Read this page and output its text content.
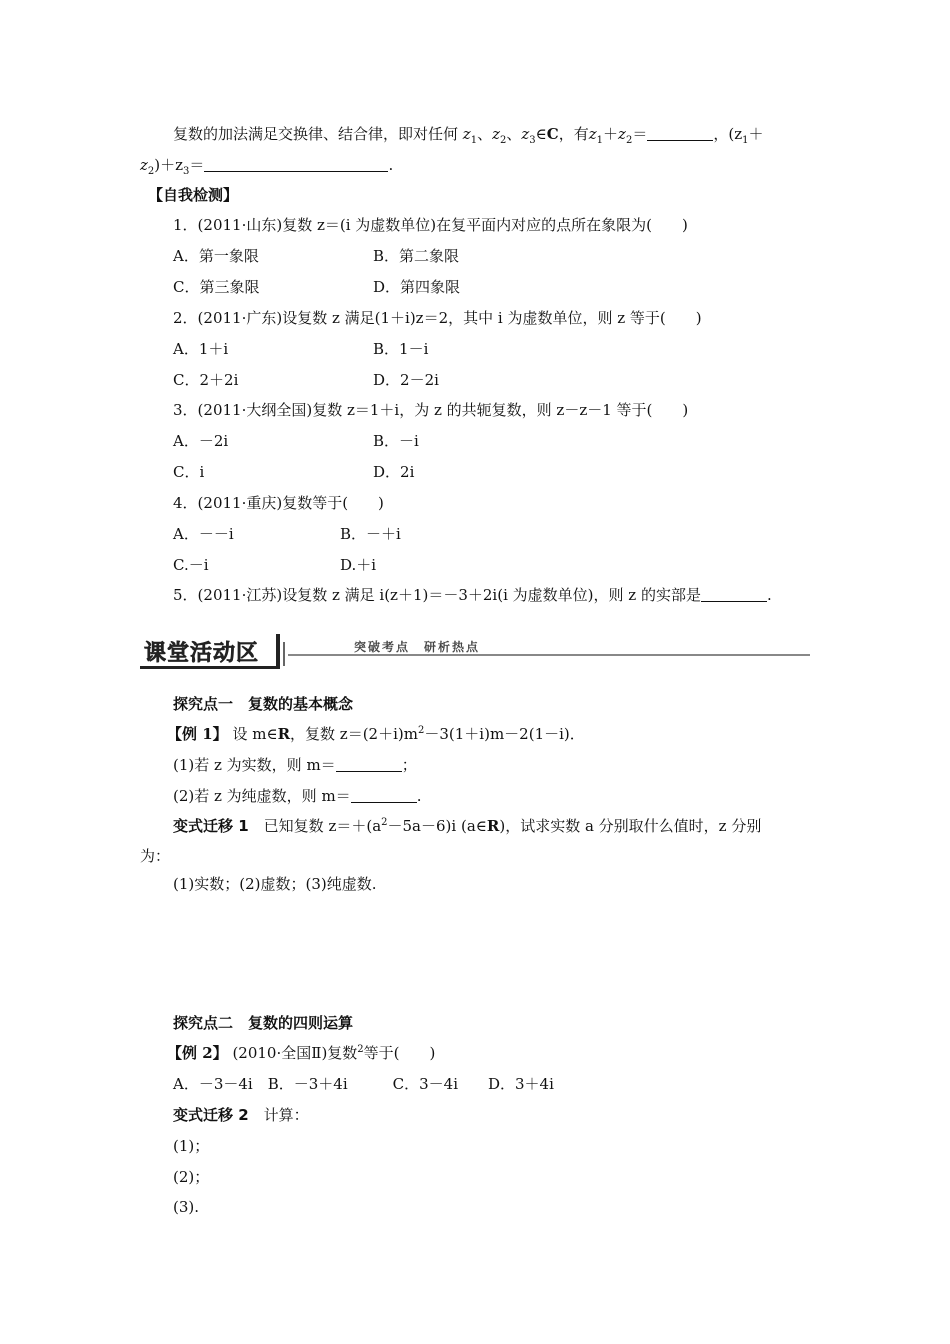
复数的加法满足交换律、结合律，即对任何 $z_1$、$z_2$、$z_3\in C$，有$z_1+z_2=$	，($z_1+$
$z_2)+z_3=$	.
【自我检测】
1．(2011·山东)复数 z＝(i 为虚数单位)在复平面内对应的点所在象限为(　　)
A．第一象限	B．第二象限
C．第三象限	D．第四象限
2．(2011·广东)设复数 z 满足(1＋i)z＝2，其中 i 为虚数单位，则 z 等于(　　)
A．1＋i	B．1－i
C．2＋2i	D．2－2i
3．(2011·大纲全国)复数 z＝1＋i，为 z 的共轭复数，则 z－z－1 等于(　　)
A．－2i	B．－i
C．i	D．2i
4．(2011·重庆)复数等于(　　)
A．－－i	B．－＋i
C.－i	D.＋i
5．(2011·江苏)设复数 z 满足 i(z＋1)＝－3＋2i(i 为虚数单位)，则 z 的实部是	.
课堂活动区	突破考点　研析热点
探究点一　复数的基本概念
【例 1】 设 m∈R，复数 $z=(2+i)m^2-3(1+i)m-2(1-i)$．
(1)若 z 为实数，则 m＝	；
(2)若 z 为纯虚数，则 m＝	.
变式迁移 1　已知复数 $z=+(a^2-5a-6)i$ (a∈R)，试求实数 a 分别取什么值时，z 分别
为：
(1)实数；(2)虚数；(3)纯虚数.
探究点二　复数的四则运算
【例 2】 (2010·全国Ⅱ)复数$^2$等于(　　)
A．－3－4i　B．－3＋4i　　　C．3－4i　　D．3＋4i
变式迁移 2　计算：
(1)；
(2)；
(3).
